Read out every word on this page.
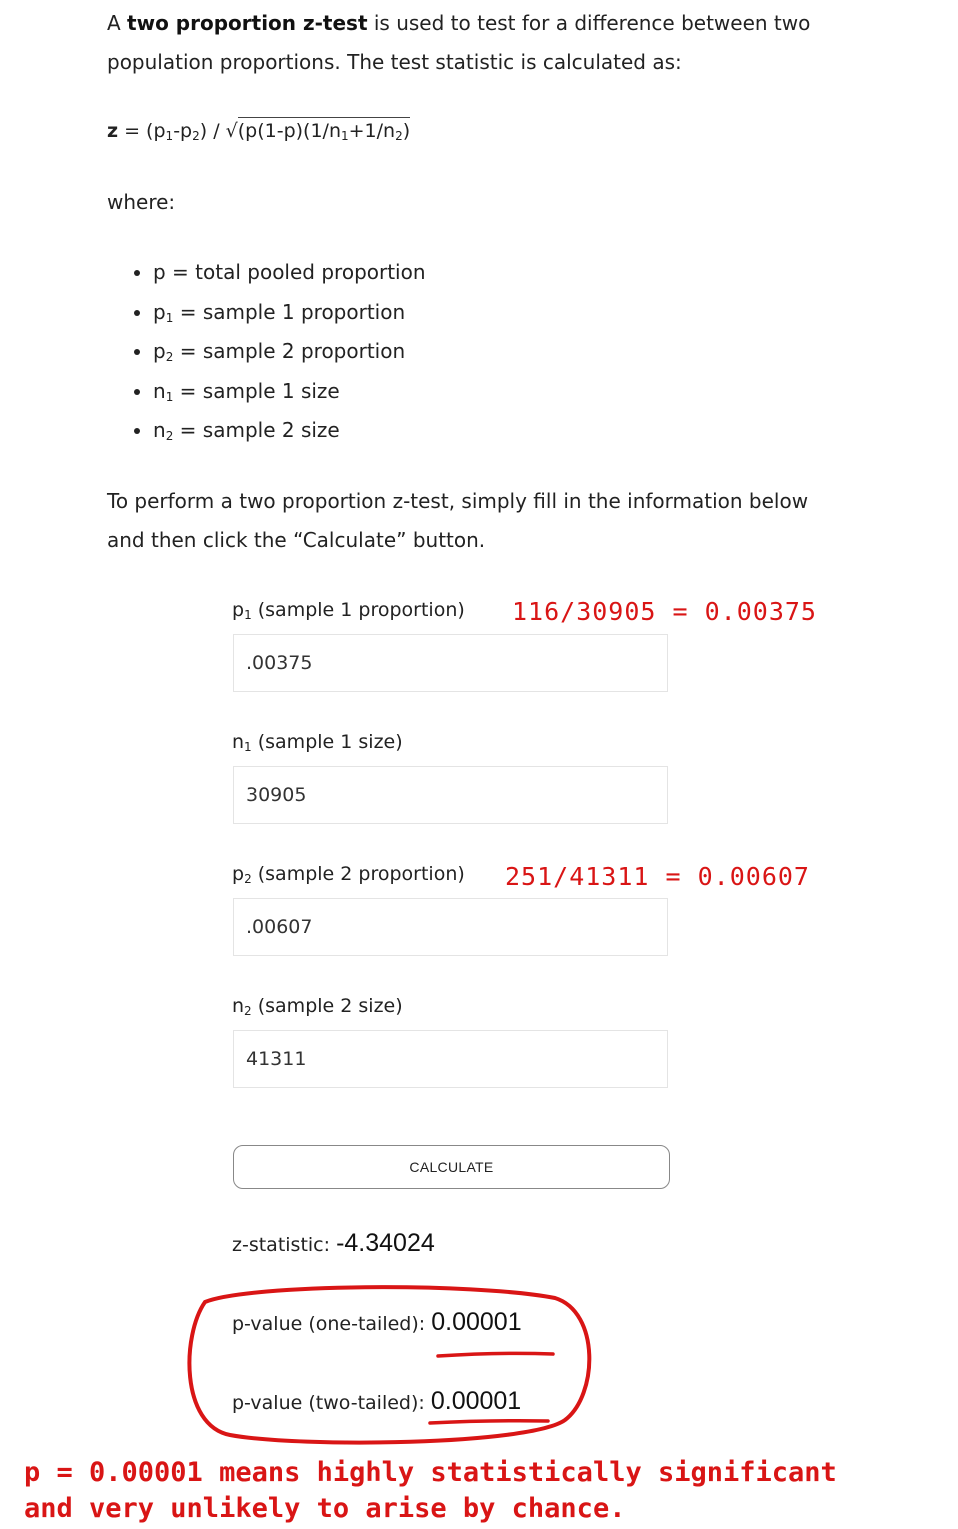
A two proportion z-test is used to test for a difference between two population proportions. The test statistic is calculated as:
$z = (p_1-p_2) / √(p(1-p)(1/n_1+1/n_2)$
where:
• p = total pooled proportion
• $p_1$ = sample 1 proportion
• $p_2$ = sample 2 proportion
• $n_1$ = sample 1 size
• $n_2$ = sample 2 size
To perform a two proportion z-test, simply fill in the information below and then click the “Calculate” button.
$p_1$ (sample 1 proportion) 116/30905 = 0.00375
.00375
$n_1$ (sample 1 size)
30905
$p_2$ (sample 2 proportion) 251/41311 = 0.00607
.00607
$n_2$ (sample 2 size)
41311
CALCULATE
z-statistic: -4.34024
p-value (one-tailed): 0.00001
p-value (two-tailed): 0.00001
p = 0.00001 means highly statistically significant
and very unlikely to arise by chance.
